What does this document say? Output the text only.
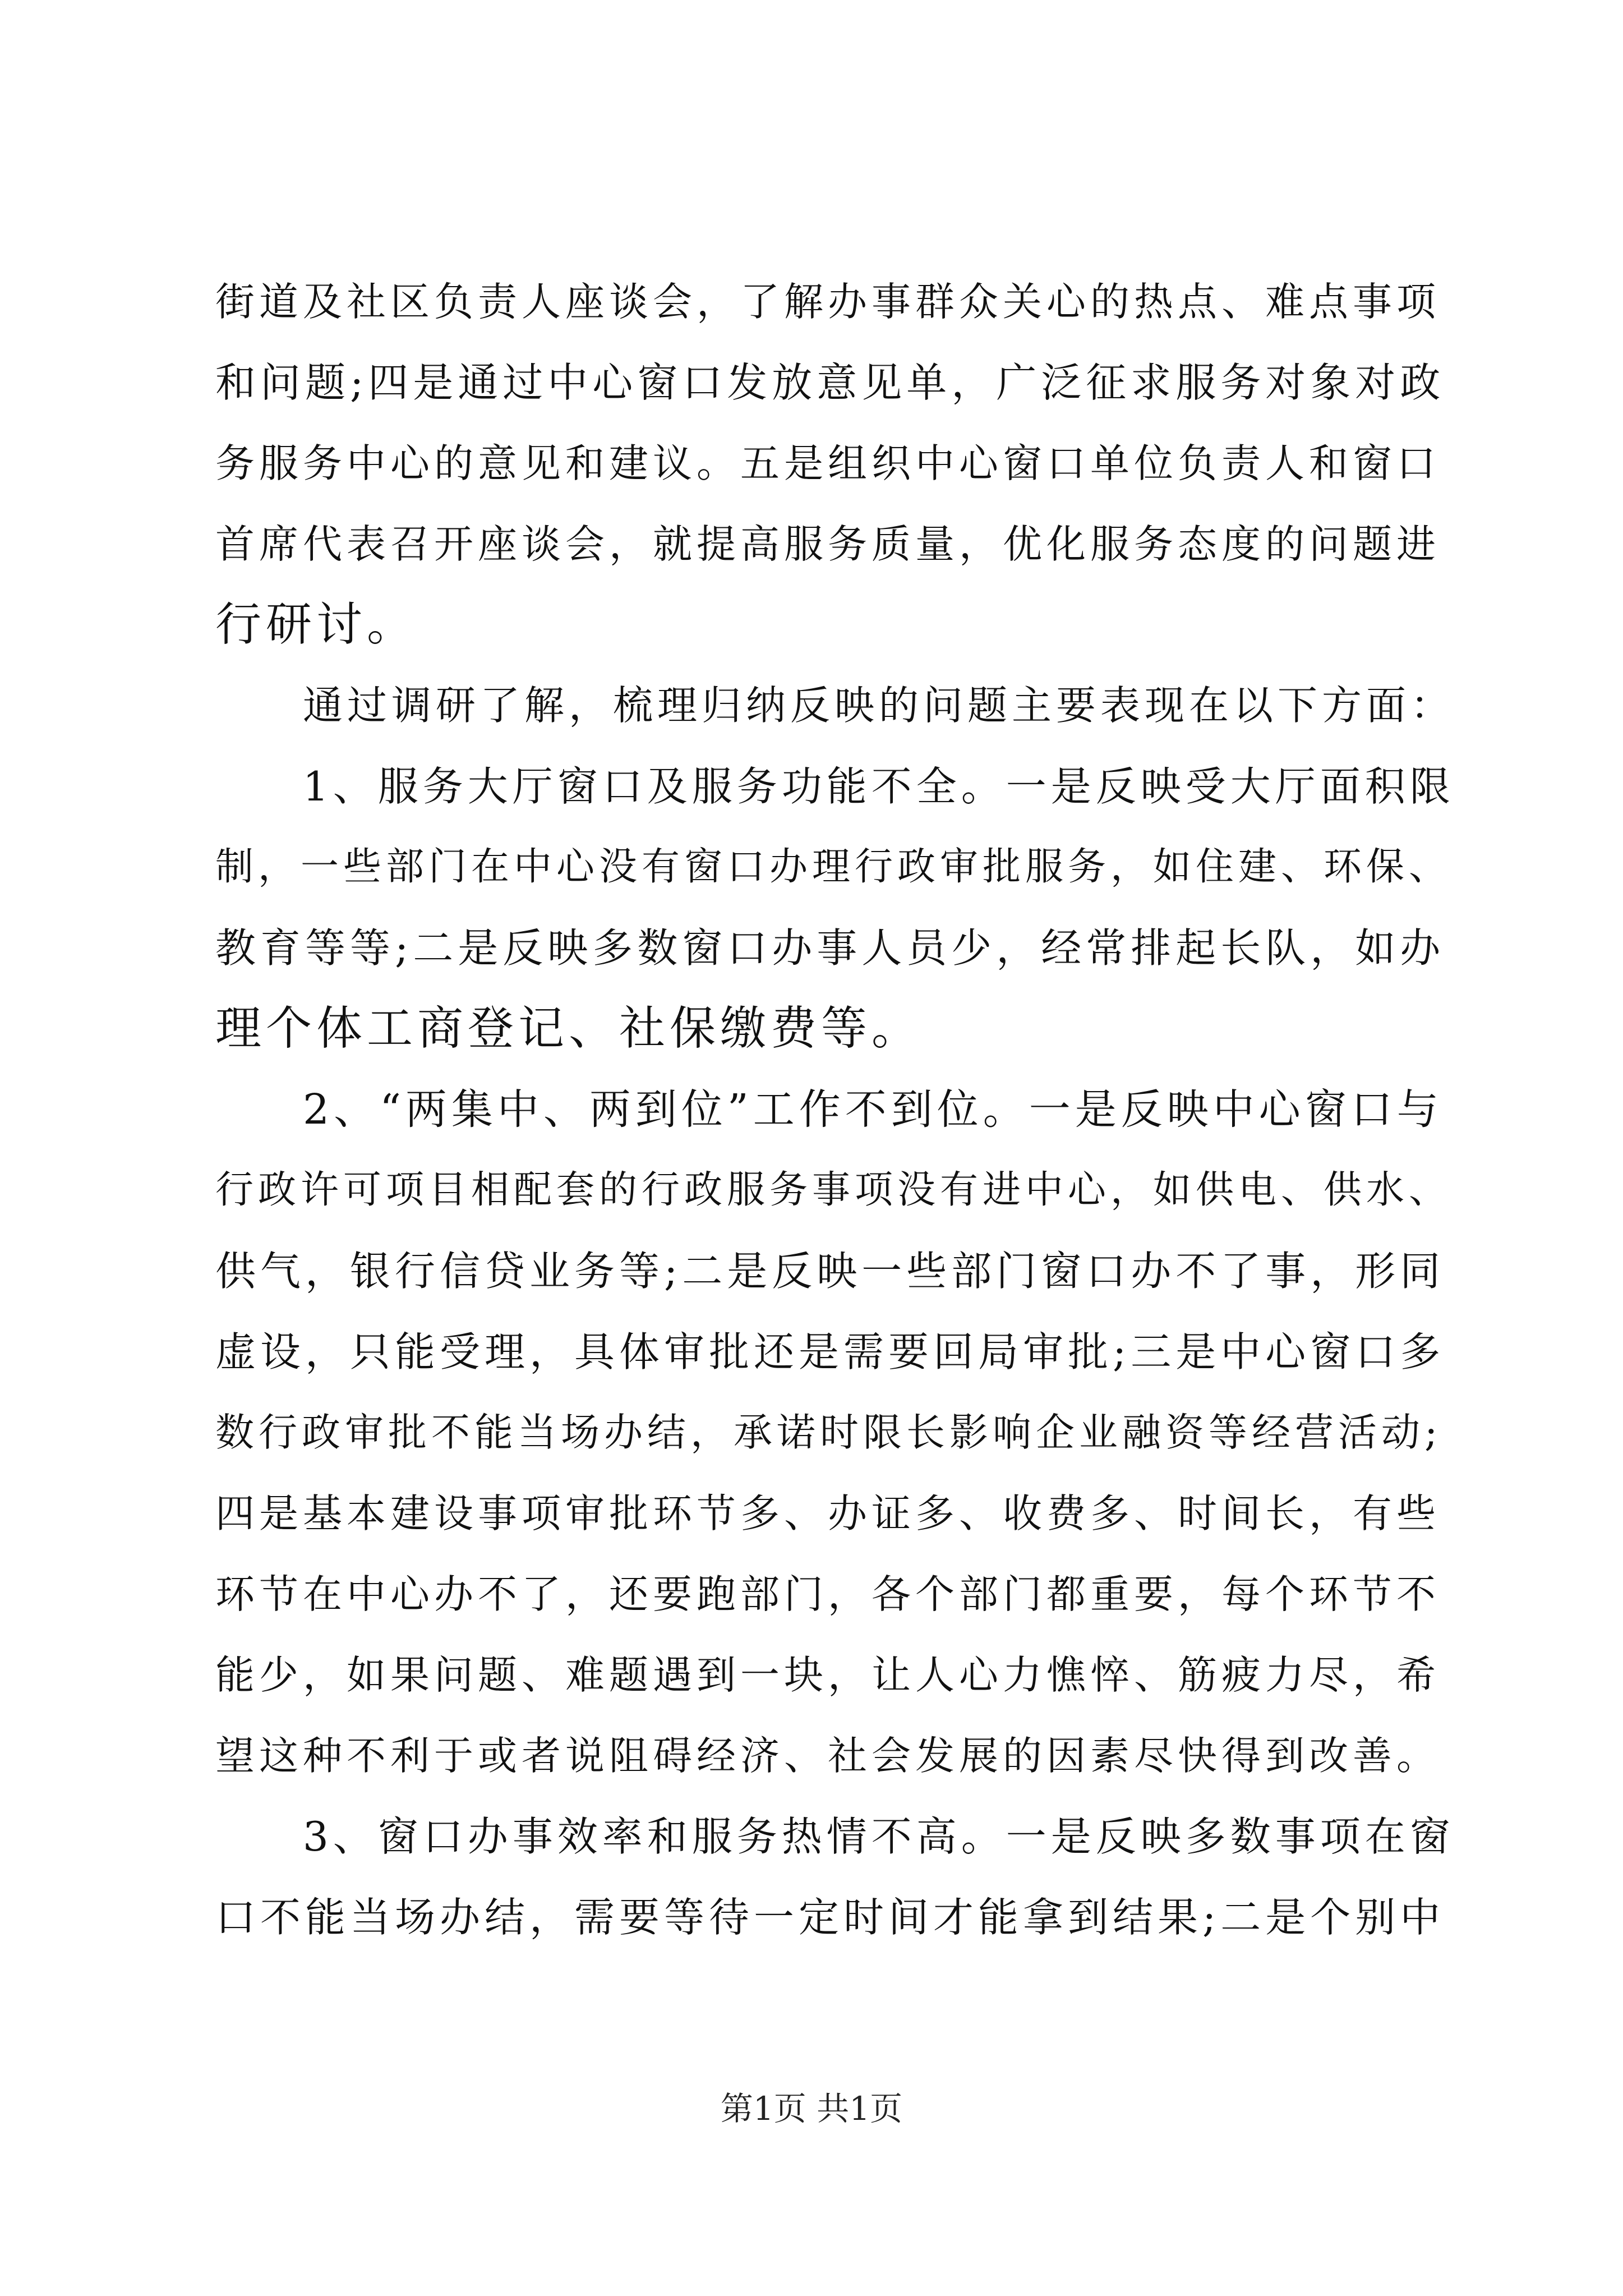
街道及社区负责人座谈会，了解办事群众关心的热点、难点事项

和问题;四是通过中心窗口发放意见单，广泛征求服务对象对政

务服务中心的意见和建议。五是组织中心窗口单位负责人和窗口

首席代表召开座谈会，就提高服务质量，优化服务态度的问题进

行研讨。

通过调研了解，梳理归纳反映的问题主要表现在以下方面：

1、服务大厅窗口及服务功能不全。一是反映受大厅面积限

制，一些部门在中心没有窗口办理行政审批服务，如住建、环保、

教育等等;二是反映多数窗口办事人员少，经常排起长队，如办

理个体工商登记、社保缴费等。

2、“两集中、两到位”工作不到位。一是反映中心窗口与

行政许可项目相配套的行政服务事项没有进中心，如供电、供水、

供气，银行信贷业务等;二是反映一些部门窗口办不了事，形同

虚设，只能受理，具体审批还是需要回局审批;三是中心窗口多

数行政审批不能当场办结，承诺时限长影响企业融资等经营活动;

四是基本建设事项审批环节多、办证多、收费多、时间长，有些

环节在中心办不了，还要跑部门，各个部门都重要，每个环节不

能少，如果问题、难题遇到一块，让人心力憔悴、筋疲力尽，希

望这种不利于或者说阻碍经济、社会发展的因素尽快得到改善。

3、窗口办事效率和服务热情不高。一是反映多数事项在窗

口不能当场办结，需要等待一定时间才能拿到结果;二是个别中

第1页 共1页
